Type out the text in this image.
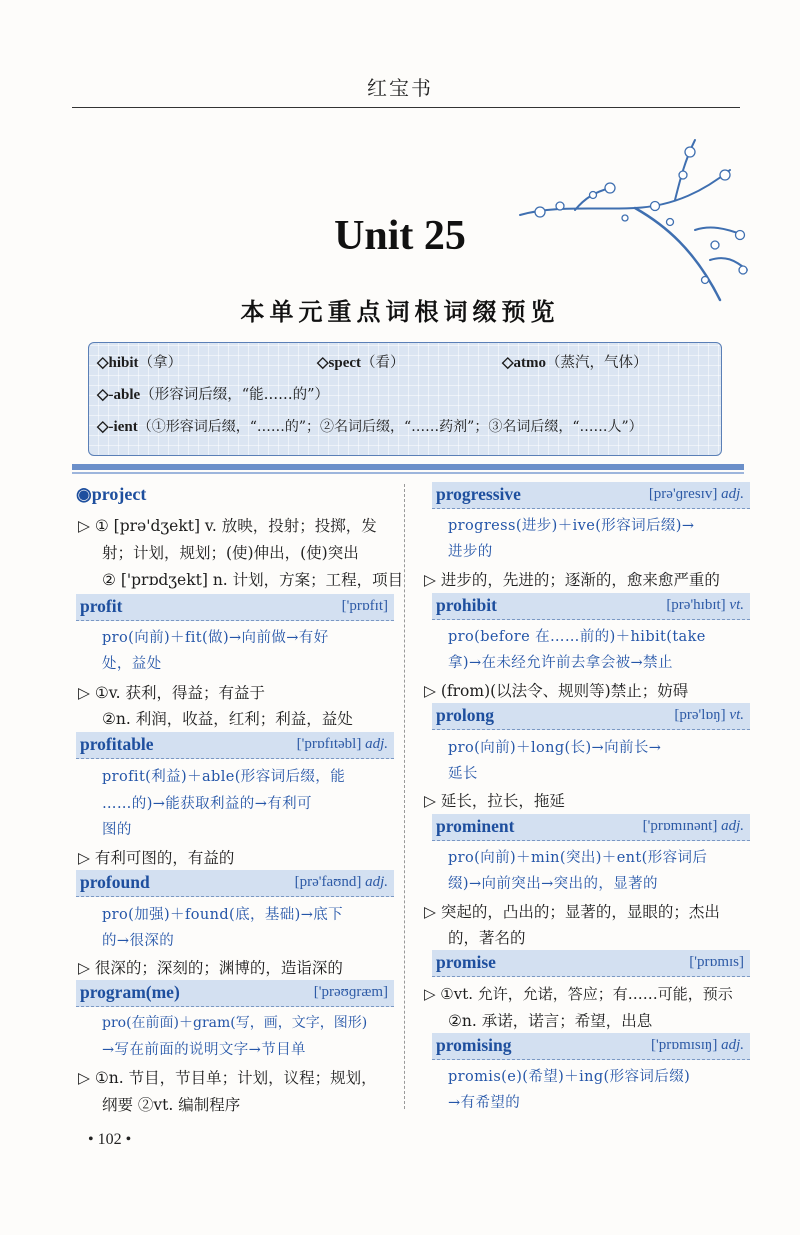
红宝书
Unit 25
本单元重点词根词缀预览
◇hibit（拿）	◇spect（看）	◇atmo（蒸汽，气体）
◇-able（形容词后缀，“能……的”）
◇-ient（①形容词后缀，“……的”；②名词后缀，“……药剂”；③名词后缀，“……人”）
◉project
▷ ① [prə'dʒekt] v. 放映，投射；投掷，发
射；计划，规划；(使)伸出，(使)突出
② ['prɒdʒekt] n. 计划，方案；工程，项目
profit	['prɒfɪt]
pro(向前)＋fit(做)→向前做→有好
处，益处
▷ ①v. 获利，得益；有益于
②n. 利润，收益，红利；利益，益处
profitable	['prɒfɪtəbl] adj.
profit(利益)＋able(形容词后缀，能
……的)→能获取利益的→有利可
图的
▷ 有利可图的，有益的
profound	[prə'faʊnd] adj.
pro(加强)＋found(底，基础)→底下
的→很深的
▷ 很深的；深刻的；渊博的，造诣深的
program(me)	['prəʊɡræm]
pro(在前面)＋gram(写，画，文字，图形)
→写在前面的说明文字→节目单
▷ ①n. 节目，节目单；计划，议程；规划，
纲要 ②vt. 编制程序
progressive	[prə'ɡresɪv] adj.
progress(进步)＋ive(形容词后缀)→
进步的
▷ 进步的，先进的；逐渐的，愈来愈严重的
prohibit	[prə'hɪbɪt] vt.
pro(before 在……前的)＋hibit(take
拿)→在未经允许前去拿会被→禁止
▷ (from)(以法令、规则等)禁止；妨碍
prolong	[prə'lɒŋ] vt.
pro(向前)＋long(长)→向前长→
延长
▷ 延长，拉长，拖延
prominent	['prɒmɪnənt] adj.
pro(向前)＋min(突出)＋ent(形容词后
缀)→向前突出→突出的，显著的
▷ 突起的，凸出的；显著的，显眼的；杰出
的，著名的
promise	['prɒmɪs]
▷ ①vt. 允许，允诺，答应；有……可能，预示
②n. 承诺，诺言；希望，出息
promising	['prɒmɪsɪŋ] adj.
promis(e)(希望)＋ing(形容词后缀)
→有希望的
• 102 •
